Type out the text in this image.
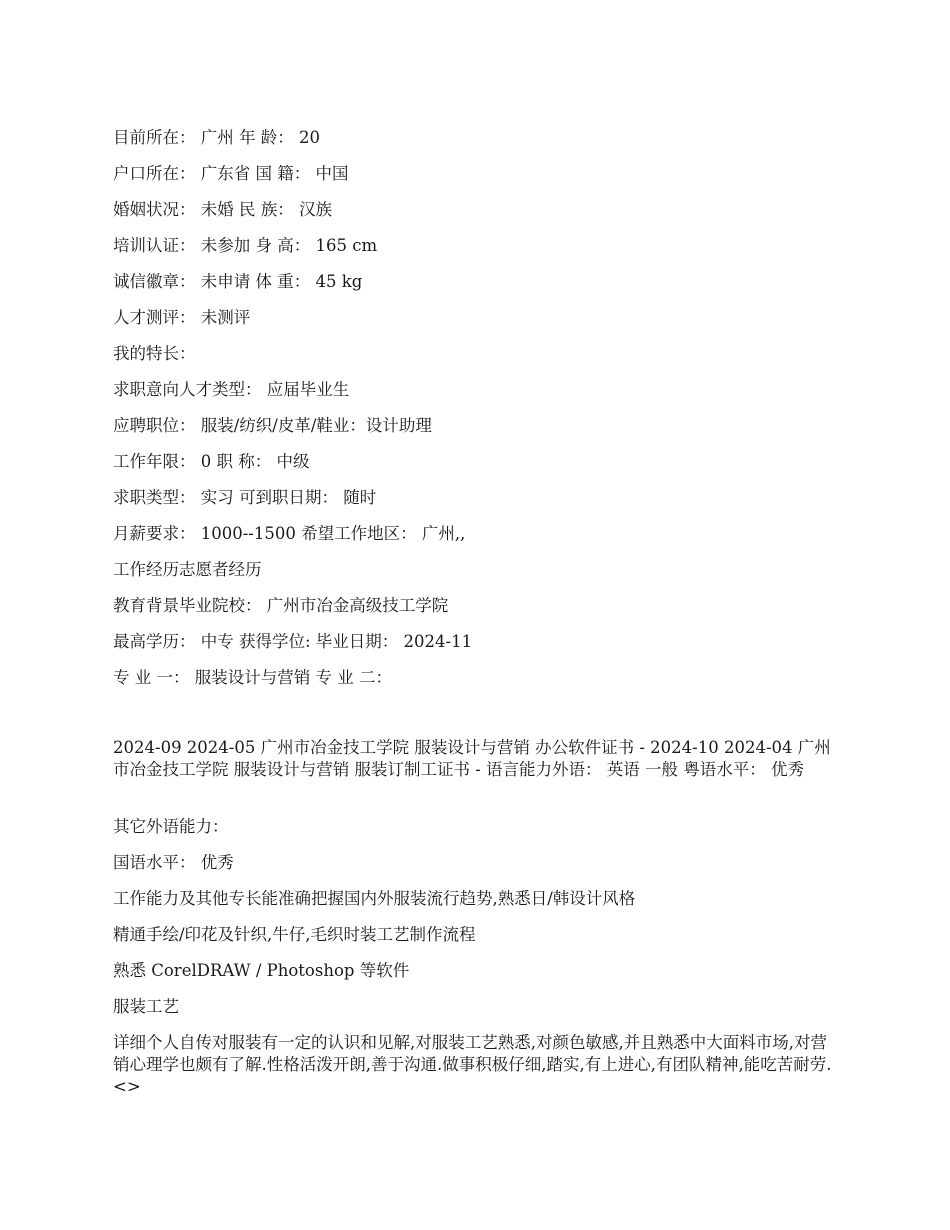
目前所在： 广州 年 龄： 20
户口所在： 广东省 国 籍： 中国
婚姻状况： 未婚 民 族： 汉族
培训认证： 未参加 身 高： 165 cm
诚信徽章： 未申请 体 重： 45 kg
人才测评： 未测评
我的特长：
求职意向人才类型： 应届毕业生
应聘职位： 服装/纺织/皮革/鞋业：设计助理
工作年限： 0 职 称： 中级
求职类型： 实习 可到职日期： 随时
月薪要求： 1000--1500 希望工作地区： 广州,,
工作经历志愿者经历
教育背景毕业院校： 广州市冶金高级技工学院
最高学历： 中专 获得学位: 毕业日期： 2024-11
专 业 一： 服装设计与营销 专 业 二：
2024-09 2024-05 广州市冶金技工学院 服装设计与营销 办公软件证书 - 2024-10 2024-04 广州市冶金技工学院 服装设计与营销 服装订制工证书 - 语言能力外语： 英语 一般 粤语水平： 优秀
其它外语能力：
国语水平： 优秀
工作能力及其他专长能准确把握国内外服装流行趋势,熟悉日/韩设计风格
精通手绘/印花及针织,牛仔,毛织时装工艺制作流程
熟悉 CorelDRAW / Photoshop 等软件
服装工艺
详细个人自传对服装有一定的认识和见解,对服装工艺熟悉,对颜色敏感,并且熟悉中大面料市场,对营销心理学也颇有了解.性格活泼开朗,善于沟通.做事积极仔细,踏实,有上进心,有团队精神,能吃苦耐劳.<>
